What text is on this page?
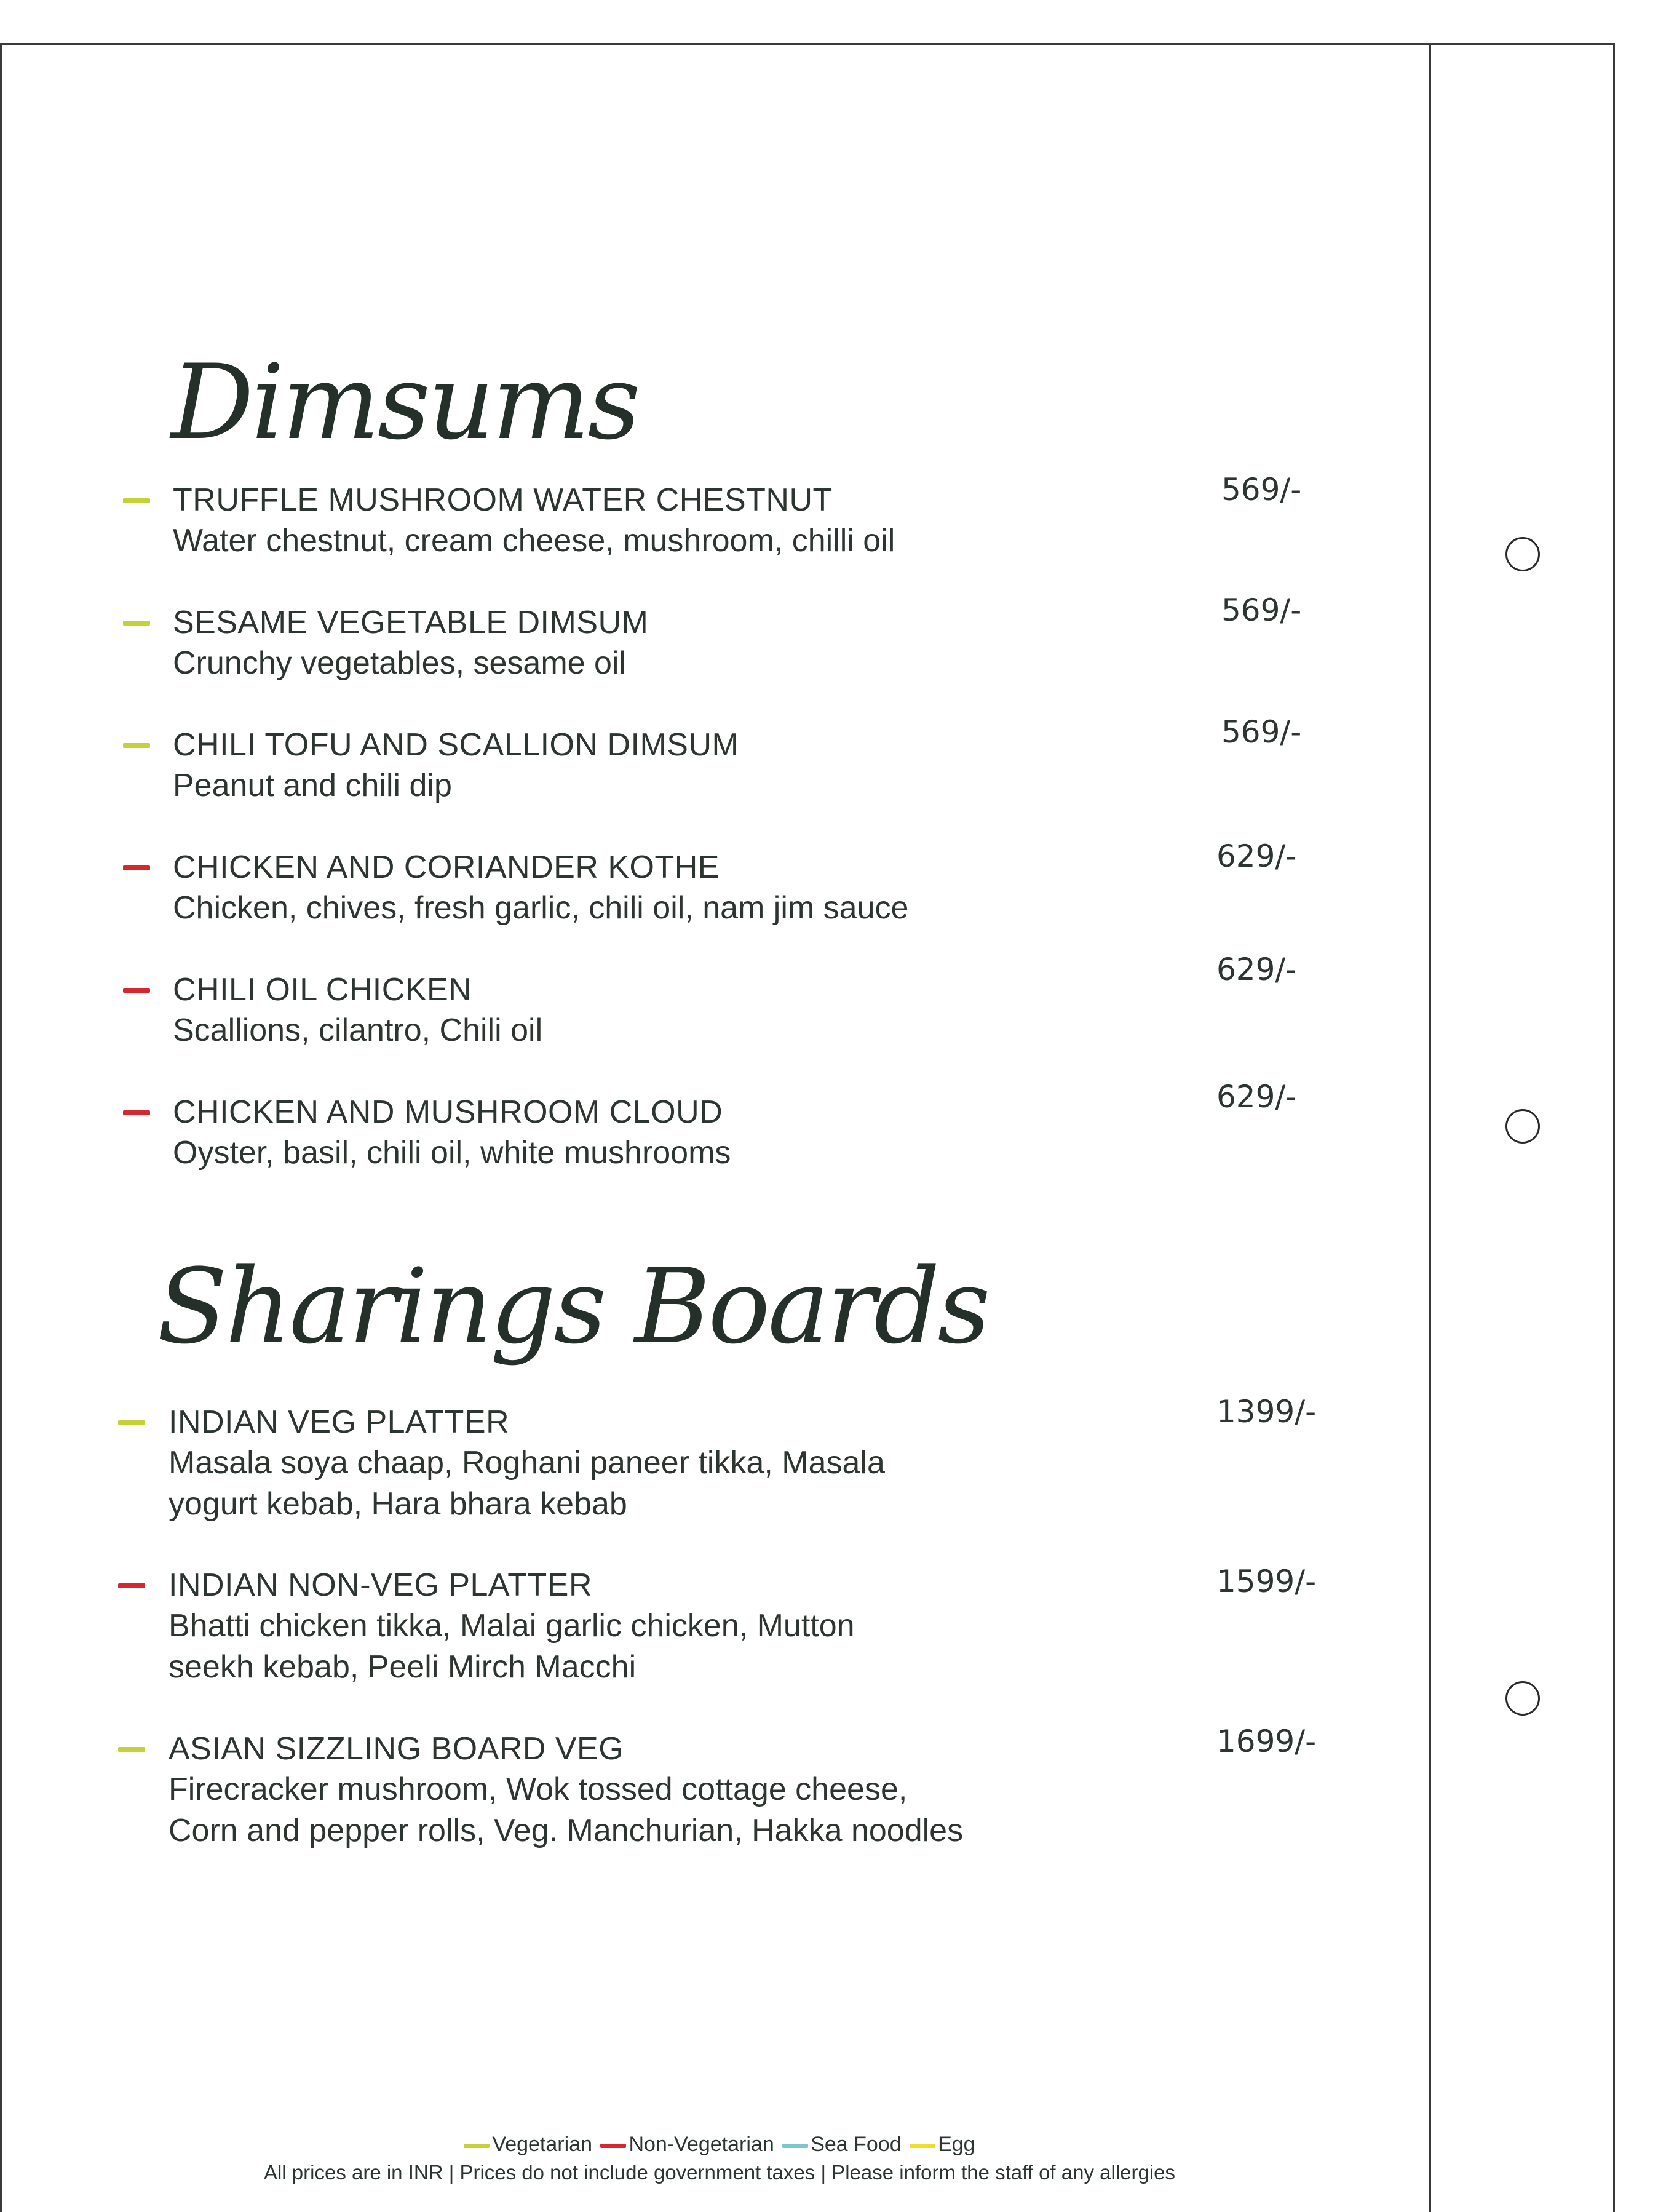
Dimsums
TRUFFLE MUSHROOM WATER CHESTNUT
Water chestnut, cream cheese, mushroom, chilli oil
569/-
SESAME VEGETABLE DIMSUM
Crunchy vegetables, sesame oil
569/-
CHILI TOFU AND SCALLION DIMSUM
Peanut and chili dip
569/-
CHICKEN AND CORIANDER KOTHE
Chicken, chives, fresh garlic, chili oil, nam jim sauce
629/-
CHILI OIL CHICKEN
Scallions, cilantro, Chili oil
629/-
CHICKEN AND MUSHROOM CLOUD
Oyster, basil, chili oil, white mushrooms
629/-
Sharings Boards
INDIAN VEG PLATTER
Masala soya chaap, Roghani paneer tikka, Masala
yogurt kebab, Hara bhara kebab
1399/-
INDIAN NON-VEG PLATTER
Bhatti chicken tikka, Malai garlic chicken, Mutton
seekh kebab, Peeli Mirch Macchi
1599/-
ASIAN SIZZLING BOARD VEG
Firecracker mushroom, Wok tossed cottage cheese,
Corn and pepper rolls, Veg. Manchurian, Hakka noodles
1699/-
Vegetarian Non-Vegetarian Sea Food Egg
All prices are in INR | Prices do not include government taxes | Please inform the staff of any allergies
